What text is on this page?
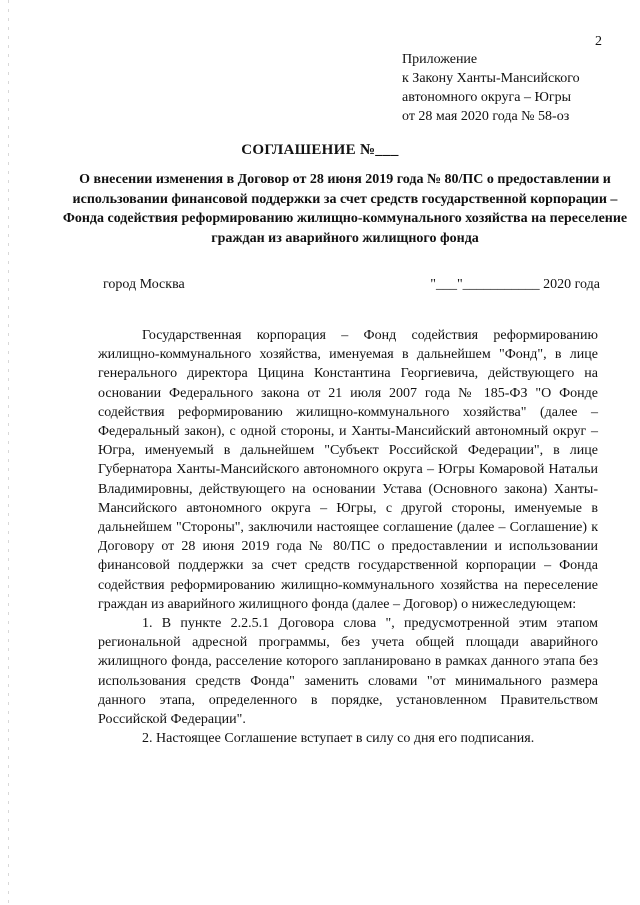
2
Приложение
к Закону Ханты-Мансийского
автономного округа – Югры
от 28 мая 2020 года № 58-оз
СОГЛАШЕНИЕ №___
О внесении изменения в Договор от 28 июня 2019 года № 80/ПС о предоставлении и использовании финансовой поддержки за счет средств государственной корпорации – Фонда содействия реформированию жилищно-коммунального хозяйства на переселение граждан из аварийного жилищного фонда
город Москва	"___"___________ 2020 года

Государственная корпорация – Фонд содействия реформированию жилищно-коммунального хозяйства, именуемая в дальнейшем "Фонд", в лице генерального директора Цицина Константина Георгиевича, действующего на основании Федерального закона от 21 июля 2007 года № 185-ФЗ "О Фонде содействия реформированию жилищно-коммунального хозяйства" (далее – Федеральный закон), с одной стороны, и Ханты-Мансийский автономный округ – Югра, именуемый в дальнейшем "Субъект Российской Федерации", в лице Губернатора Ханты-Мансийского автономного округа – Югры Комаровой Натальи Владимировны, действующего на основании Устава (Основного закона) Ханты-Мансийского автономного округа – Югры, с другой стороны, именуемые в дальнейшем "Стороны", заключили настоящее соглашение (далее – Соглашение) к Договору от 28 июня 2019 года № 80/ПС о предоставлении и использовании финансовой поддержки за счет средств государственной корпорации – Фонда содействия реформированию жилищно-коммунального хозяйства на переселение граждан из аварийного жилищного фонда (далее – Договор) о нижеследующем:

1. В пункте 2.2.5.1 Договора слова ", предусмотренной этим этапом региональной адресной программы, без учета общей площади аварийного жилищного фонда, расселение которого запланировано в рамках данного этапа без использования средств Фонда" заменить словами "от минимального размера данного этапа, определенного в порядке, установленном Правительством Российской Федерации".

2. Настоящее Соглашение вступает в силу со дня его подписания.
